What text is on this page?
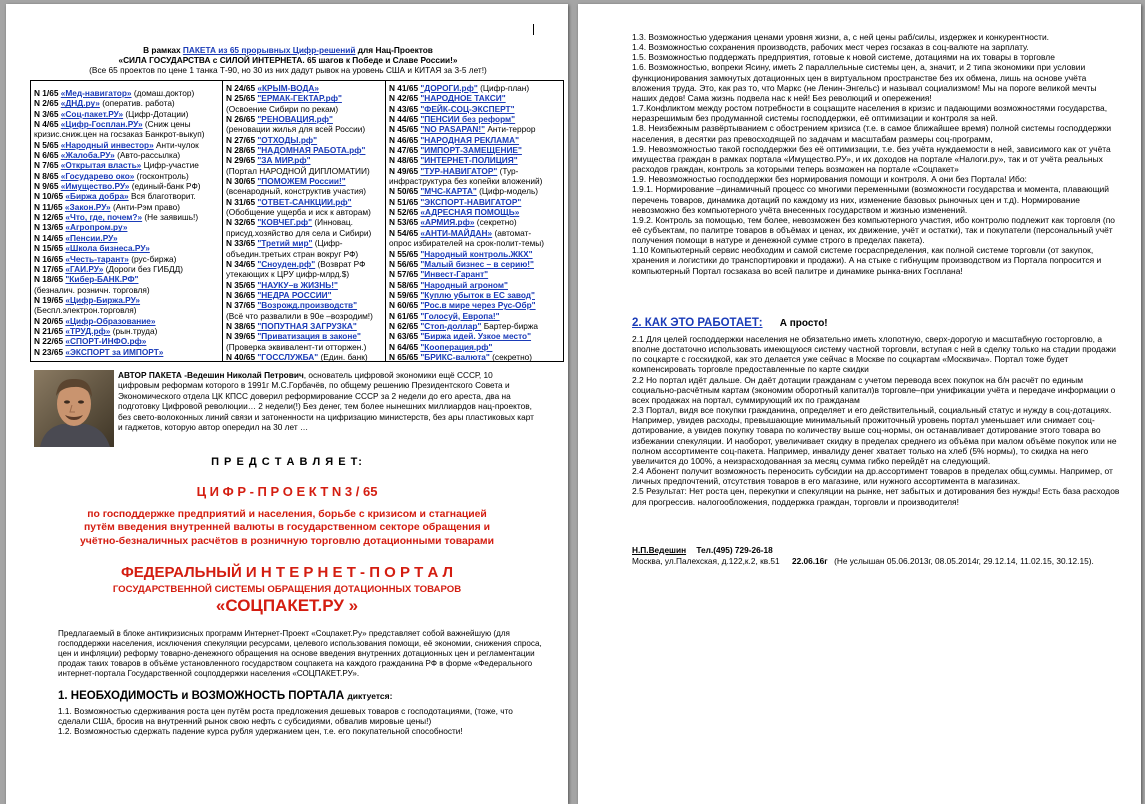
В рамках ПАКЕТА из 65 прорывных Цифр-решений для Нац-Проектов
«СИЛА ГОСУДАРСТВА с СИЛОЙ ИНТЕРНЕТА. 65 шагов к Победе и Славе России!»
(Все 65 проектов по цене 1 танка Т-90, но 30 из них дадут рывок на уровень США и КИТАЯ за 3-5 лет!)
N 1/65 «Мед-навигатор» (домаш.доктор)
N 2/65 «ДНД.ру» (оператив. работа)
N 3/65 «Соц-пакет.РУ» (Цифр-Дотации)
N 4/65 «Цифр-Госплан.РУ» (Сниж цены
кризис.сниж.цен на госзаказ Банкрот-выкуп)
N 5/65 «Народный инвестор» Анти-чулок
N 6/65 «Жалоба.РУ» (Авто-рассылка)
N 7/65 «Открытая власть» Цифр-участие
N 8/65 «Государево око» (госконтроль)
N 9/65 «Имущество.РУ» (единый-банк РФ)
N 10/65 «Биржа добра» Вся благотворит.
N 11/65 «Закон.РУ» (Анти-Рэм право)
N 12/65 «Что, где, почем?» (Не заявишь!)
N 13/65 «Агропром.ру»
N 14/65 «Пенсии.РУ»
N 15/65 «Школа бизнеса.РУ»
N 16/65 «Честь-тарант» (рус-биржа)
N 17/65 «ГАИ.РУ» (Дороги без ГИБДД)
N 18/65 "Кибер-БАНК.РФ"
(безналич. розничн. торговля)
N 19/65 «Цифр-Биржа.РУ»
(Беспл.электрон.торговля)
N 20/65 «Цифр-Образование»
N 21/65 «ТРУД.рф» (рын.труда)
N 22/65 «СПОРТ-ИНФО.рф»
N 23/65 «ЭКСПОРТ за ИМПОРТ»
N 24/65 «КРЫМ-ВОДА»
N 25/65 "ЕРМАК-ГЕКТАР.рф"
(Освоение Сибири по рекам)
N 26/65 "РЕНОВАЦИЯ.рф"
(реновации жилья для всей России)
N 27/65 "ОТХОДЫ.рф"
N 28/65 "НАДОМНАЯ РАБОТА.рф"
N 29/65 "ЗА МИР.рф"
(Портал НАРОДНОЙ ДИПЛОМАТИИ)
N 30/65 "ПОМОЖЕМ России!"
(всенародный, конструктив участия)
N 31/65 "ОТВЕТ-САНКЦИИ.рф"
(Обобщение ущерба и иск к авторам)
N 32/65 "КОВЧЕГ.рф" (Инновац.
присуд.хозяйство для села и Сибири)
N 33/65 "Третий мир" (Цифр-
объедин.третьих стран вокруг РФ)
N 34/65 "Сноуден.рф" (Возврат РФ
утекающих к ЦРУ цифр-млрд.$)
N 35/65 "НАУКУ–в ЖИЗНЬ!"
N 36/65 "НЕДРА РОССИИ"
N 37/65 "Возрожд.производств"
(Всё что развалили в 90е –возродим!)
N 38/65 "ПОПУТНАЯ ЗАГРУЗКА"
N 39/65 "Приватизация в законе"
(Проверка эквивалент-ти отторжен.)
N 40/65 "ГОССЛУЖБА" (Един. банк)
N 41/65 "ДОРОГИ.рф" (Цифр-план)
N 42/65 "НАРОДНОЕ ТАКСИ"
N 43/65 "ФЕЙК-СОЦ-ЭКСПЕРТ"
N 44/65 "ПЕНСИИ без реформ"
N 45/65 "NO PASAPAN!" Анти-террор
N 46/65 "НАРОДНАЯ РЕКЛАМА"
N 47/65 "ИМПОРТ-ЗАМЕЩЕНИЕ"
N 48/65 "ИНТЕРНЕТ-ПОЛИЦИЯ"
N 49/65 "ТУР-НАВИГАТОР" (Тур-
инфраструктура без копейки вложений)
N 50/65 "МЧС-КАРТА" (Цифр-модель)
N 51/65 "ЭКСПОРТ-НАВИГАТОР"
N 52/65 «АДРЕСНАЯ ПОМОЩЬ»
N 53/65 «АРМИЯ.рф» (секретно)
N 54/65 «АНТИ-МАЙДАН» (автомат-
опрос избирателей на срок-полит-темы)
N 55/65 "Народный контроль.ЖКХ"
N 56/65 "Малый бизнес – в серию!"
N 57/65 "Инвест-Гарант"
N 58/65 "Народный агроном"
N 59/65 "Куплю убыток в ЕС завод"
N 60/65 "Рос.в мире через Рус-Обр"
N 61/65 "Голосуй, Европа!"
N 62/65 "Стоп-доллар" Бартер-биржа
N 63/65 "Биржа идей. Узкое место"
N 64/65 "Кооперация.рф"
N 65/65 "БРИКС-валюта" (секретно)
АВТОР ПАКЕТА -Ведешин Николай Петрович, основатель цифровой экономики ещё СССР, 10 цифровым реформам которого в 1991г М.С.Горбачёв, по общему решению Президентского Совета и Экономического отдела ЦК КПСС доверил реформирование СССР за 2 недели до его ареста, два на подготовку Цифровой революции… 2 недели(!) Без денег, тем более нынешних миллиардов нац-проектов, без свето-волоконных линий связи и затоненности на цифризацию министерств, без ары пластиковых карт и гаджетов, которую автор опередил на 30 лет …
П Р Е Д С Т А В Л Я Е Т:
Ц И Ф Р - П Р О Е К Т N 3 / 65
по господдержке предприятий и населения, борьбе с кризисом и стагнацией
путём введения внутренней валюты в государственном секторе обращения и
учётно-безналичных расчётов в розничную торговлю дотационными товарами
ФЕДЕРАЛЬНЫЙ И Н Т Е Р Н Е Т - П О Р Т А Л
ГОСУДАРСТВЕННОЙ СИСТЕМЫ ОБРАЩЕНИЯ ДОТАЦИОННЫХ ТОВАРОВ
«СОЦПАКЕТ.РУ »
Предлагаемый в блоке антикризисных программ Интернет-Проект «Соцпакет.Ру» представляет собой важнейшую (для господдержки населения, исключения спекуляции ресурсами, целевого использования помощи, её экономии, снижения спроса, цен и инфляции) реформу товарно-денежного обращения на основе введения внутренних дотационных цен и регламентации продаж таких товаров в объёме установленного государством соцпакета на каждого гражданина РФ в форме «Федерального интернет-портала Государственной соцподдержки населения «СОЦПАКЕТ.РУ».
1. НЕОБХОДИМОСТЬ и ВОЗМОЖНОСТЬ ПОРТАЛА диктуется:

1.1. Возможностью сдерживания роста цен путём роста предложения дешевых товаров с господотациями, (тоже, что сделали США, бросив на внутренний рынок свою нефть с субсидиями, обвалив мировые цены!)

1.2. Возможностью сдержать падение курса рубля удержанием цен, т.е. его покупательной способности!

1.3. Возможностью удержания ценами уровня жизни, а, с ней цены раб/силы, издержек и конкурентности.

1.4. Возможностью сохранения производств, рабочих мест через госзаказ в соц-валюте на зарплату.

1.5. Возможностью поддержать предприятия, готовые к новой системе, дотациями на их товары в торговле

1.6. Возможностью, вопреки Ясину, иметь 2 параллельные системы цен, а, значит, и 2 типа экономики при условии функционирования замкнутых дотационных цен в виртуальном пространстве без их обмена, лишь на основе учёта вложения труда. Это, как раз то, что Маркс (не Ленин-Энгельс) и называл социализмом! Мы на пороге великой мечты наших дедов! Сама жизнь подвела нас к ней! Без революций и опережения!

1.7.Конфликтом между ростом потребности в соцзащите населения в кризис и падающими возможностями государства, неразрешимым без продуманной системы господдержки, её оптимизации и контроля за ней.

1.8. Неизбежным развёртыванием с обострением кризиса (т.е. в самое ближайшее время) полной системы господдержки населения, в десятки раз превосходящей по задачам и масштабам размеры соц-программ,

1.9. Невозможностью такой господдержки без её оптимизации, т.е. без учёта нуждаемости в ней, зависимого как от учёта имущества граждан в рамках портала «Имущество.РУ», и их доходов на портале «Налоги.ру», так и от учёта реальных расходов граждан, контроль за которыми теперь возможен на портале «Соцпакет»

1.9. Невозможностью господдержки без нормирования помощи и контроля. А они без Портала! Ибо:

1.9.1. Нормирование –динамичный процесс со многими переменными (возможности государства и момента, плавающий перечень товаров, динамика дотаций по каждому из них, изменение базовых рыночных цен и т.д). Нормирование невозможно без компьютерного учёта внесенных государством и жизнью изменений.

1.9.2. Контроль за помощью, тем более, невозможен без компьютерного участия, ибо контролю подлежит как торговля (по её субъектам, по палитре товаров в объёмах и ценах, их движение, учёт и остатки), так и покупатели (персональный учёт получения помощи в натуре и денежной сумме строго в пределах пакета).

1.10 Компьютерный сервис необходим и самой системе госраспределения, как полной системе торговли (от закупок, хранения и логистики до транспортировки и продажи). А на стыке с гибнущим производством из Портала попросится и компьютерный Портал госзаказа во всей палитре и динамике рынка-вних Госплана!

2. КАК ЭТО РАБОТАЕТ: А просто!

2.1 Для целей господдержки населения не обязательно иметь хлопотную, сверх-дорогую и масштабную госторговлю, а вполне достаточно использовать имеющуюся систему частной торговли, вступая с ней в сделку только на стадии продажи по соцкарте с госскидкой, как это делается уже сейчас в Москве по соцкартам «Москвича». Портал тоже будет компенсировать торговле предоставленные по карте скидки

2.2 Но портал идёт дальше. Он даёт дотации гражданам с учетом перевода всех покупок на б/н расчёт по единым социально-расчётным картам (экономим оборотный капитал)в торговле–при унификации учёта и передаче информации о всех продажах на портал, суммирующий их по гражданам

2.3 Портал, видя все покупки гражданина, определяет и его действительный, социальный статус и нужду в соц-дотациях. Например, увидев расходы, превышающие минимальный прожиточный уровень портал уменьшает или снимает соц-дотирование, а увидев покупку товара по количеству выше соц-нормы, он останавливает дотирование этого товара во избежании спекуляции. И наоборот, увеличивает скидку в пределах среднего из объёма при малом объёме покупок или не полном ассортименте соц-пакета. Например, инвалиду денег хватает только на хлеб (5% нормы), то скидка на него увеличится до 100%, а неизрасходованная за месяц сумма гибко перейдёт на следующий.

2.4 Абонент получит возможность переносить субсидии на др.ассортимент товаров в пределах общ.суммы. Например, от личных предпочтений, отсутствия товаров в его магазине, или нужного ассортимента в магазинах.

2.5 Результат: Нет роста цен, перекупки и спекуляции на рынке, нет забытых и дотирования без нужды! Есть база расходов для прогрессив. налогообложения, поддержка граждан, торговли и производителя!

Н.П.Ведешин Тел.(495) 729-26-18
Москва, ул.Палехская, д.122,к.2, кв.51 22.06.16г (Не услышан 05.06.2013г, 08.05.2014г, 29.12.14, 11.02.15, 30.12.15).
